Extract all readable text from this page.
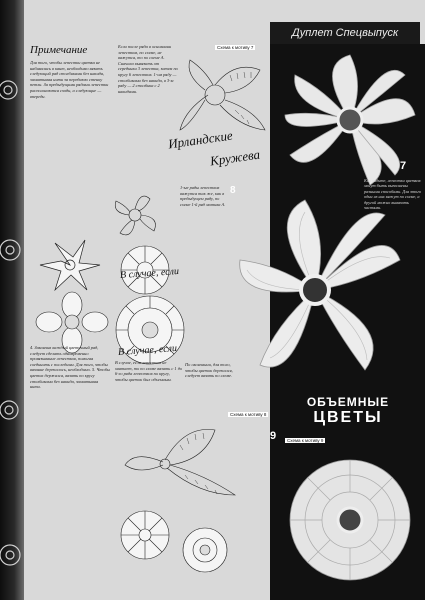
Дуплет Спецвыпуск
Примечание
Для того, чтобы лепестки цветка не набивались в кант, необходимо вязать следующий ряд столбиками без накида, захватывая нити за переднюю стенку петли. За предыдущими рядами лепестки располагаются сзади, а следующие — впереди.
Если после ряда в основании лепестков, по схеме, не вяжутся, то по схеме А. Сначала вывязать от серединки 3 лепестка, затем по кругу 6 лепестков. 1-ом ряду — столбиками без накида, в 3-м ряду — 2 столбика с 2 накидами.
Схема к мотиву 7
Ирландские
Кружева	7
1-ые ряды лепестков вяжутся так же, как в предыдущем ряду, по схеме 1-й ряд мотива А.
8
В случае, если
В случае, если
Как видите, лепестки цветков могут быть выполнены разными способами. Для этого один из них вяжут по схеме, а другой можно вывязать частями.
4. Закончив каждый цветочный ряд, следует сделать одновременно провязывание лепестков, помогая соединить с последним. Для того, чтобы вязание держалось, необходимо. 5. Чтобы цветок держался, вязать по кругу столбиками без накида, захватывая нити.
В случае, если лепестков не хватает, то по схеме вязать с 1 до 6-го ряда лепестков по кругу, чтобы цветок был объемным.
По окончании, для того, чтобы цветок держался, следует вязать по схеме.
Схема к мотиву 8
ОБЪЕМНЫЕ
ЦВЕТЫ
Схема к мотиву 9
9
